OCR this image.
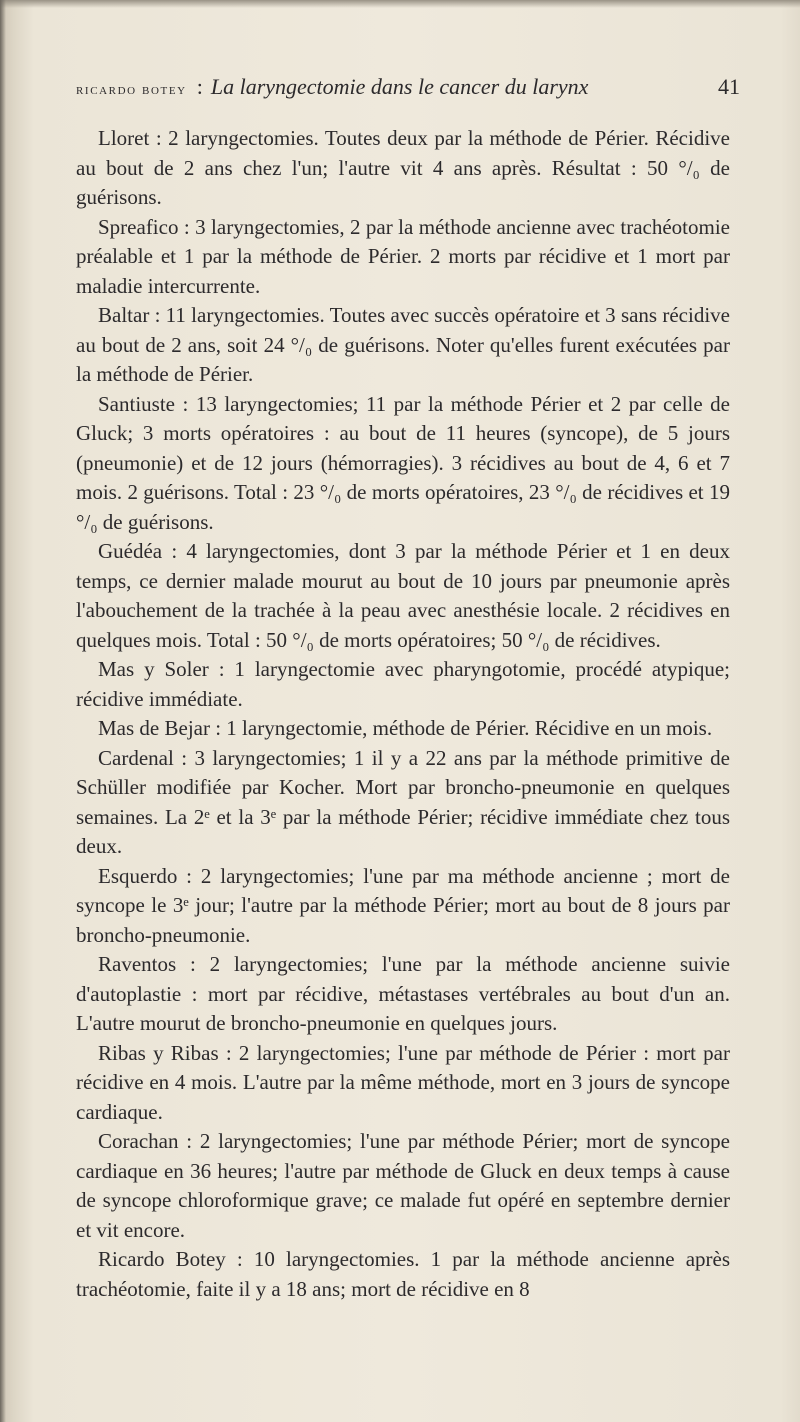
ricardo botey : La laryngectomie dans le cancer du larynx	41

Lloret : 2 laryngectomies. Toutes deux par la méthode de Périer. Récidive au bout de 2 ans chez l'un; l'autre vit 4 ans après. Résultat : 50 °/₀ de guérisons.

Spreafico : 3 laryngectomies, 2 par la méthode ancienne avec trachéotomie préalable et 1 par la méthode de Périer. 2 morts par récidive et 1 mort par maladie intercurrente.

Baltar : 11 laryngectomies. Toutes avec succès opératoire et 3 sans récidive au bout de 2 ans, soit 24 °/₀ de guérisons. Noter qu'elles furent exécutées par la méthode de Périer.

Santiuste : 13 laryngectomies; 11 par la méthode Périer et 2 par celle de Gluck; 3 morts opératoires : au bout de 11 heures (syncope), de 5 jours (pneumonie) et de 12 jours (hémorragies). 3 récidives au bout de 4, 6 et 7 mois. 2 guérisons. Total : 23 °/₀ de morts opératoires, 23 °/₀ de récidives et 19 °/₀ de guérisons.

Guédéa : 4 laryngectomies, dont 3 par la méthode Périer et 1 en deux temps, ce dernier malade mourut au bout de 10 jours par pneumonie après l'abouchement de la trachée à la peau avec anesthésie locale. 2 récidives en quelques mois. Total : 50 °/₀ de morts opératoires; 50 °/₀ de récidives.

Mas y Soler : 1 laryngectomie avec pharyngotomie, procédé atypique; récidive immédiate.

Mas de Bejar : 1 laryngectomie, méthode de Périer. Récidive en un mois.

Cardenal : 3 laryngectomies; 1 il y a 22 ans par la méthode primitive de Schüller modifiée par Kocher. Mort par broncho-pneumonie en quelques semaines. La 2ᵉ et la 3ᵉ par la méthode Périer; récidive immédiate chez tous deux.

Esquerdo : 2 laryngectomies; l'une par ma méthode ancienne ; mort de syncope le 3ᵉ jour; l'autre par la méthode Périer; mort au bout de 8 jours par broncho-pneumonie.

Raventos : 2 laryngectomies; l'une par la méthode ancienne suivie d'autoplastie : mort par récidive, métastases vertébrales au bout d'un an. L'autre mourut de broncho-pneumonie en quelques jours.

Ribas y Ribas : 2 laryngectomies; l'une par méthode de Périer : mort par récidive en 4 mois. L'autre par la même méthode, mort en 3 jours de syncope cardiaque.

Corachan : 2 laryngectomies; l'une par méthode Périer; mort de syncope cardiaque en 36 heures; l'autre par méthode de Gluck en deux temps à cause de syncope chloroformique grave; ce malade fut opéré en septembre dernier et vit encore.

Ricardo Botey : 10 laryngectomies. 1 par la méthode ancienne après trachéotomie, faite il y a 18 ans; mort de récidive en 8
